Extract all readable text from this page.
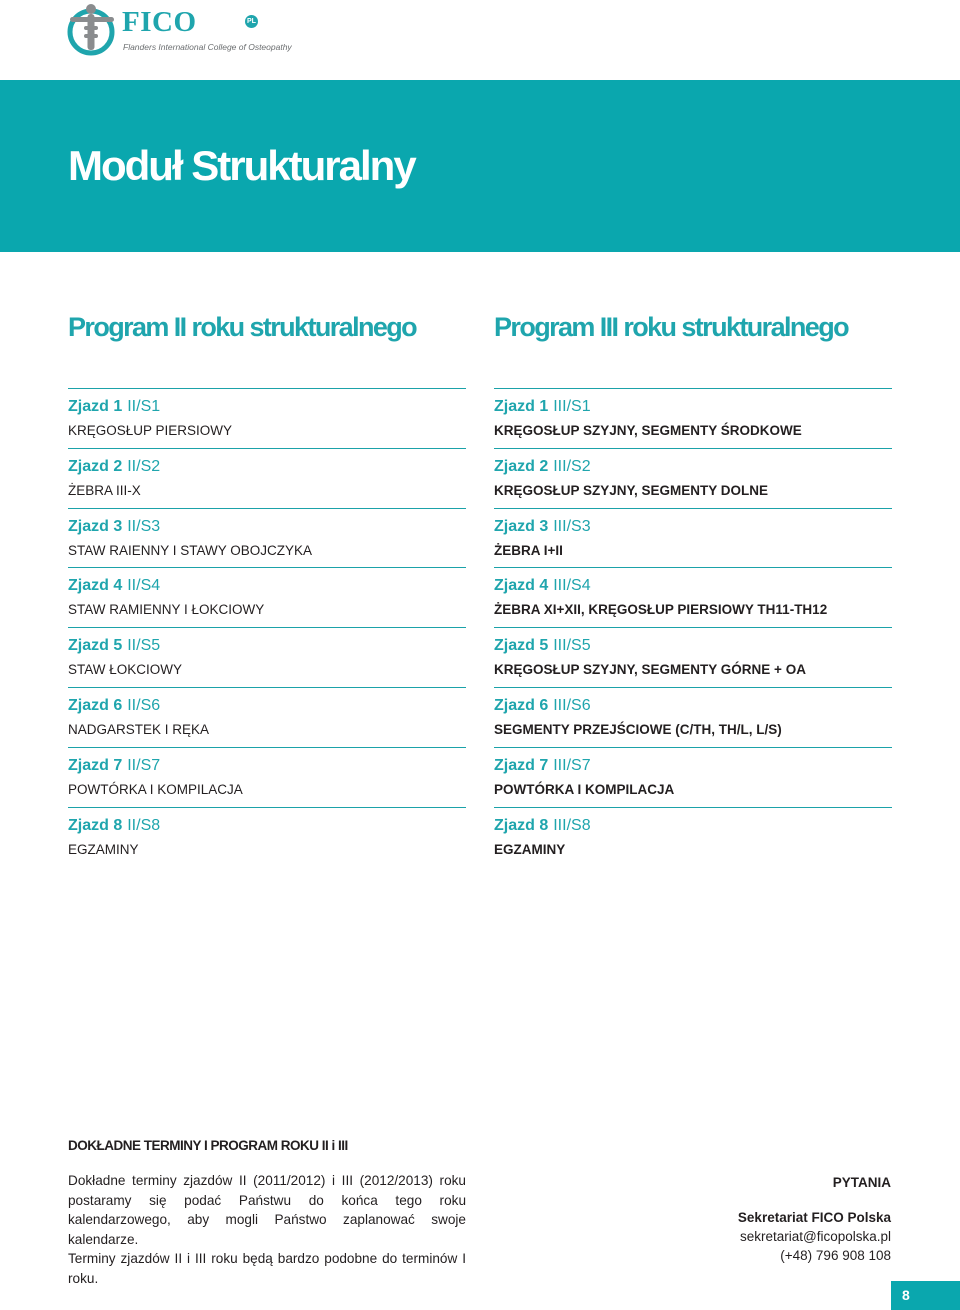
FICO	PL
Flanders International College of Osteopathy
Moduł Strukturalny
Program II roku strukturalnego	Program III roku strukturalnego
Zjazd 1 II/S1
KRĘGOSŁUP PIERSIOWY
Zjazd 2 II/S2
ŻEBRA III-X
Zjazd 3 II/S3
STAW RAIENNY I STAWY OBOJCZYKA
Zjazd 4 II/S4
STAW RAMIENNY I ŁOKCIOWY
Zjazd 5 II/S5
STAW ŁOKCIOWY
Zjazd 6 II/S6
NADGARSTEK I RĘKA
Zjazd 7 II/S7
POWTÓRKA I KOMPILACJA
Zjazd 8 II/S8
EGZAMINY
Zjazd 1 III/S1
KRĘGOSŁUP SZYJNY, SEGMENTY ŚRODKOWE
Zjazd 2 III/S2
KRĘGOSŁUP SZYJNY, SEGMENTY DOLNE
Zjazd 3 III/S3
ŻEBRA I+II
Zjazd 4 III/S4
ŻEBRA XI+XII, KRĘGOSŁUP PIERSIOWY TH11-TH12
Zjazd 5 III/S5
KRĘGOSŁUP SZYJNY, SEGMENTY GÓRNE + OA
Zjazd 6 III/S6
SEGMENTY PRZEJŚCIOWE (C/TH, TH/L, L/S)
Zjazd 7 III/S7
POWTÓRKA I KOMPILACJA
Zjazd 8 III/S8
EGZAMINY
DOKŁADNE TERMINY I PROGRAM ROKU II i III
Dokładne terminy zjazdów II (2011/2012) i III (2012/2013) roku postaramy się podać Państwu do końca tego roku kalendarzowego, aby mogli Państwo zaplanować swoje kalendarze.
Terminy zjazdów II i III roku będą bardzo podobne do terminów I roku.
PYTANIA
Sekretariat FICO Polska
sekretariat@ficopolska.pl
(+48) 796 908 108
8
